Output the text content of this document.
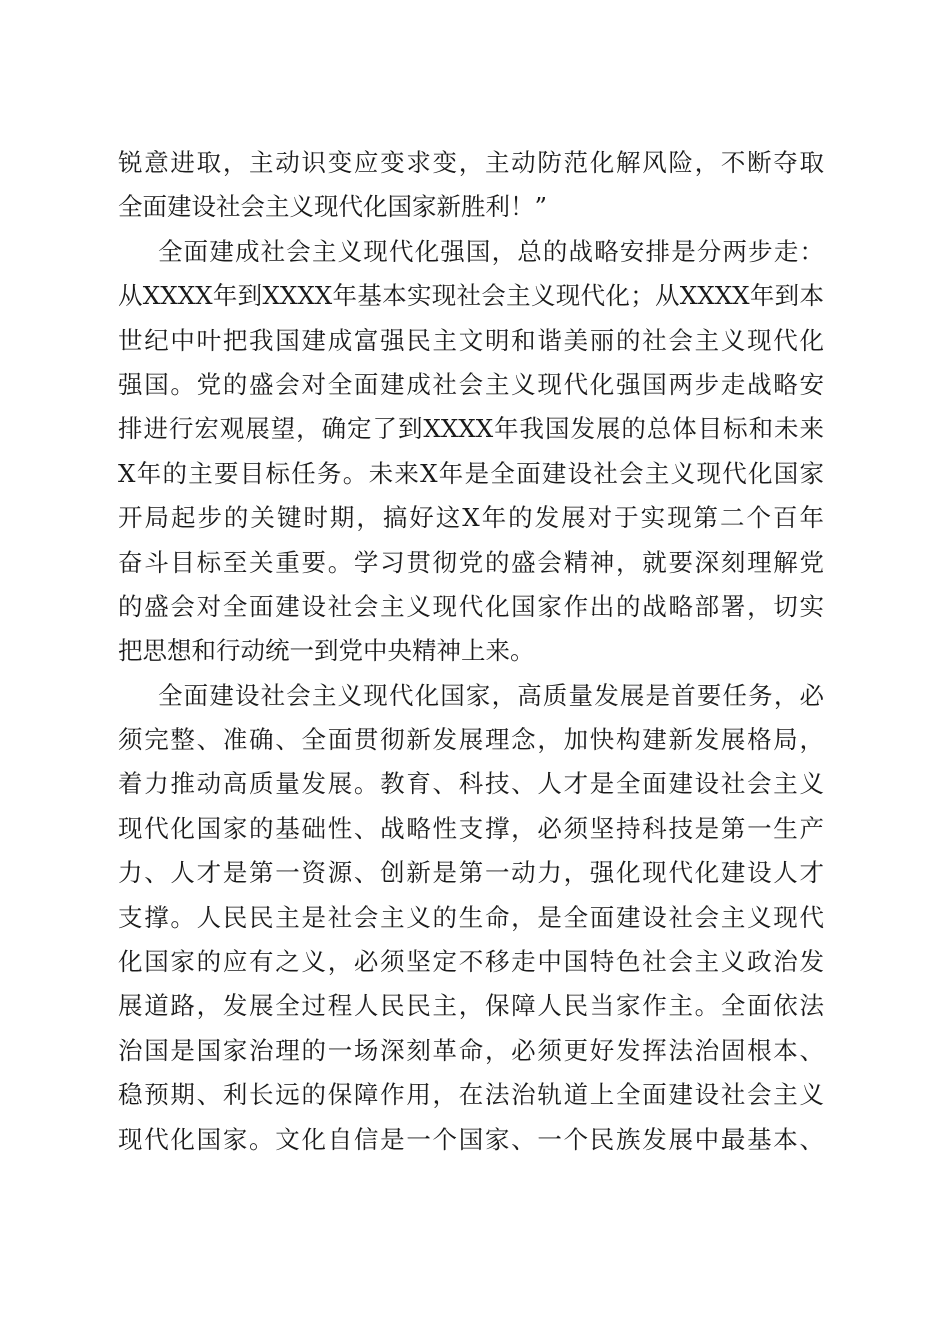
锐意进取，主动识变应变求变，主动防范化解风险，不断夺取
全面建设社会主义现代化国家新胜利！”
全面建成社会主义现代化强国，总的战略安排是分两步走：
从XXXX年到XXXX年基本实现社会主义现代化；从XXXX年到本
世纪中叶把我国建成富强民主文明和谐美丽的社会主义现代化
强国。党的盛会对全面建成社会主义现代化强国两步走战略安
排进行宏观展望，确定了到XXXX年我国发展的总体目标和未来
X年的主要目标任务。未来X年是全面建设社会主义现代化国家
开局起步的关键时期，搞好这X年的发展对于实现第二个百年
奋斗目标至关重要。学习贯彻党的盛会精神，就要深刻理解党
的盛会对全面建设社会主义现代化国家作出的战略部署，切实
把思想和行动统一到党中央精神上来。
全面建设社会主义现代化国家，高质量发展是首要任务，必
须完整、准确、全面贯彻新发展理念，加快构建新发展格局，
着力推动高质量发展。教育、科技、人才是全面建设社会主义
现代化国家的基础性、战略性支撑，必须坚持科技是第一生产
力、人才是第一资源、创新是第一动力，强化现代化建设人才
支撑。人民民主是社会主义的生命，是全面建设社会主义现代
化国家的应有之义，必须坚定不移走中国特色社会主义政治发
展道路，发展全过程人民民主，保障人民当家作主。全面依法
治国是国家治理的一场深刻革命，必须更好发挥法治固根本、
稳预期、利长远的保障作用，在法治轨道上全面建设社会主义
现代化国家。文化自信是一个国家、一个民族发展中最基本、
